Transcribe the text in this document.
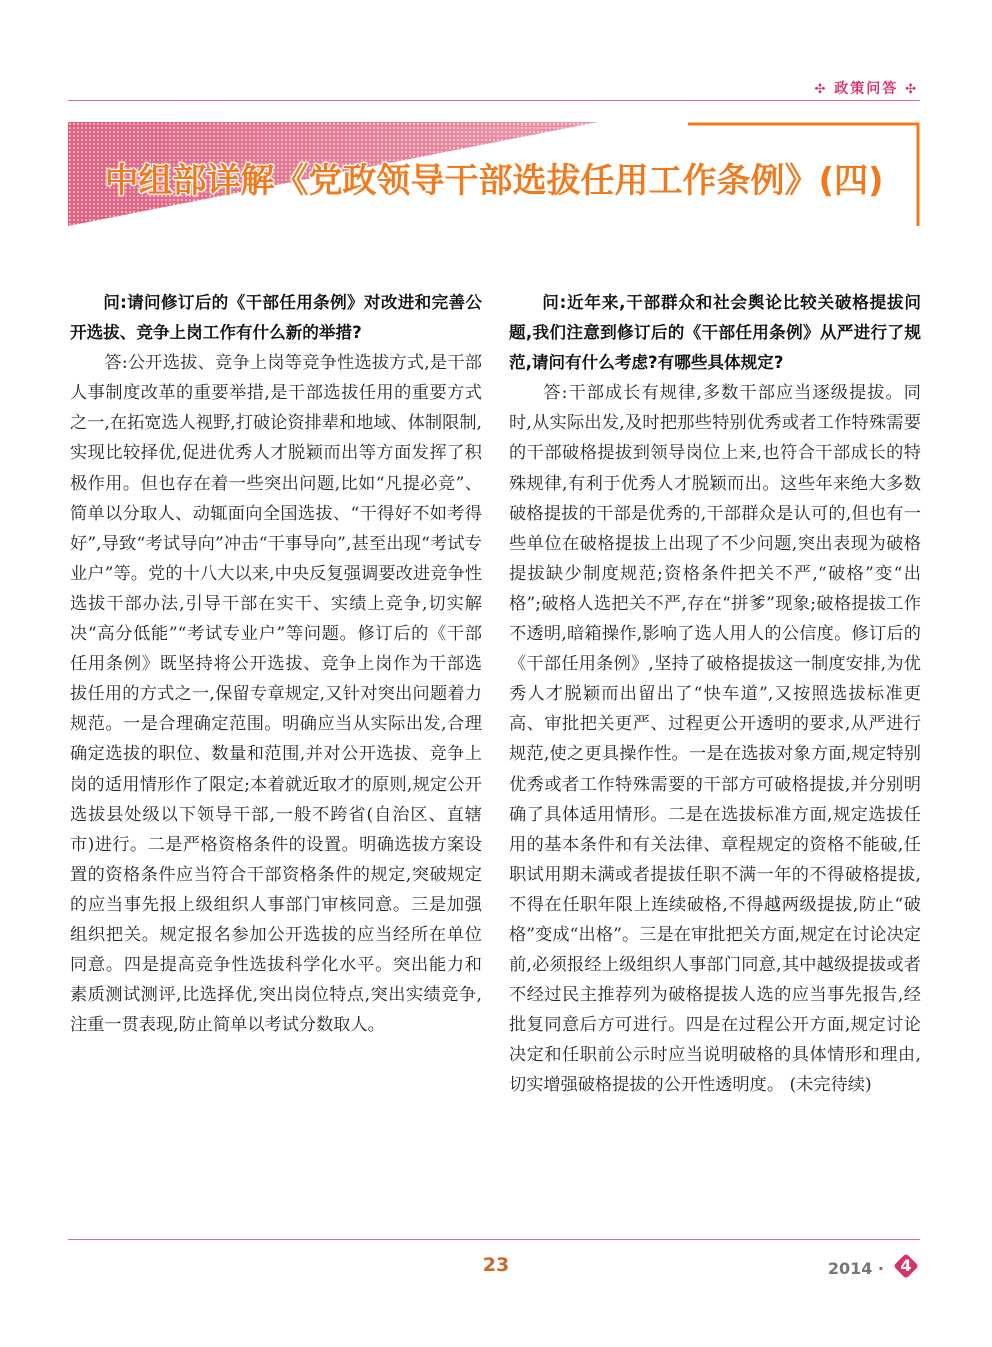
✣ 政策问答 ✣
中组部详解《党政领导干部选拔任用工作条例》(四)

问:请问修订后的《干部任用条例》对改进和完善公开选拔、竞争上岗工作有什么新的举措?

答:公开选拔、竞争上岗等竞争性选拔方式,是干部人事制度改革的重要举措,是干部选拔任用的重要方式之一,在拓宽选人视野,打破论资排辈和地域、体制限制,实现比较择优,促进优秀人才脱颖而出等方面发挥了积极作用。但也存在着一些突出问题,比如“凡提必竞”、简单以分取人、动辄面向全国选拔、“干得好不如考得好”,导致“考试导向”冲击“干事导向”,甚至出现“考试专业户”等。党的十八大以来,中央反复强调要改进竞争性选拔干部办法,引导干部在实干、实绩上竞争,切实解决“高分低能”“考试专业户”等问题。修订后的《干部任用条例》既坚持将公开选拔、竞争上岗作为干部选拔任用的方式之一,保留专章规定,又针对突出问题着力规范。一是合理确定范围。明确应当从实际出发,合理确定选拔的职位、数量和范围,并对公开选拔、竞争上岗的适用情形作了限定;本着就近取才的原则,规定公开选拔县处级以下领导干部,一般不跨省(自治区、直辖市)进行。二是严格资格条件的设置。明确选拔方案设置的资格条件应当符合干部资格条件的规定,突破规定的应当事先报上级组织人事部门审核同意。三是加强组织把关。规定报名参加公开选拔的应当经所在单位同意。四是提高竞争性选拔科学化水平。突出能力和素质测试测评,比选择优,突出岗位特点,突出实绩竞争,注重一贯表现,防止简单以考试分数取人。

问:近年来,干部群众和社会舆论比较关破格提拔问题,我们注意到修订后的《干部任用条例》从严进行了规范,请问有什么考虑?有哪些具体规定?

答:干部成长有规律,多数干部应当逐级提拔。同时,从实际出发,及时把那些特别优秀或者工作特殊需要的干部破格提拔到领导岗位上来,也符合干部成长的特殊规律,有利于优秀人才脱颖而出。这些年来绝大多数破格提拔的干部是优秀的,干部群众是认可的,但也有一些单位在破格提拔上出现了不少问题,突出表现为破格提拔缺少制度规范;资格条件把关不严,“破格”变“出格”;破格人选把关不严,存在“拼爹”现象;破格提拔工作不透明,暗箱操作,影响了选人用人的公信度。修订后的《干部任用条例》,坚持了破格提拔这一制度安排,为优秀人才脱颖而出留出了“快车道”,又按照选拔标准更高、审批把关更严、过程更公开透明的要求,从严进行规范,使之更具操作性。一是在选拔对象方面,规定特别优秀或者工作特殊需要的干部方可破格提拔,并分别明确了具体适用情形。二是在选拔标准方面,规定选拔任用的基本条件和有关法律、章程规定的资格不能破,任职试用期未满或者提拔任职不满一年的不得破格提拔,不得在任职年限上连续破格,不得越两级提拔,防止“破格”变成“出格”。三是在审批把关方面,规定在讨论决定前,必须报经上级组织人事部门同意,其中越级提拔或者不经过民主推荐列为破格提拔人选的应当事先报告,经批复同意后方可进行。四是在过程公开方面,规定讨论决定和任职前公示时应当说明破格的具体情形和理由,切实增强破格提拔的公开性透明度。 (未完待续)

23	2014 ·	4
